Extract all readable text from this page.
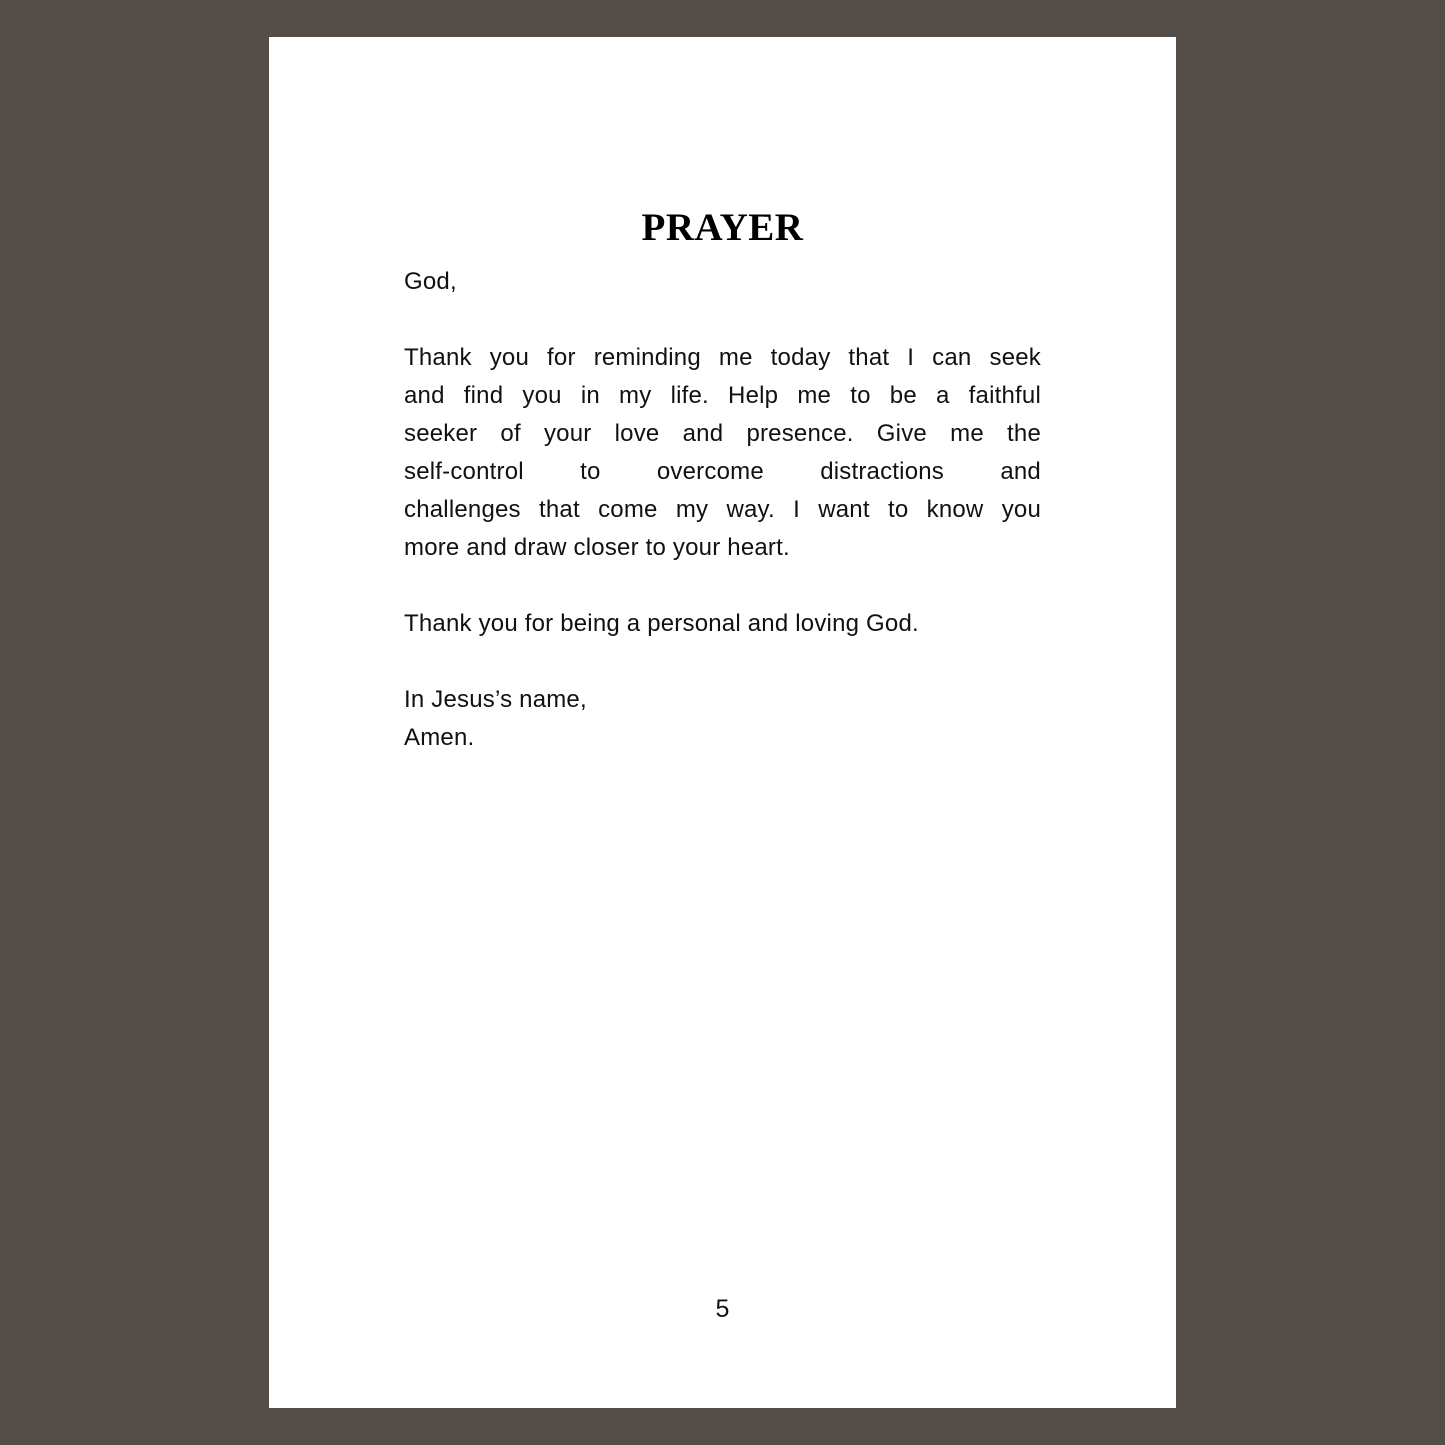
PRAYER

God,

Thank you for reminding me today that I can seek
and find you in my life. Help me to be a faithful
seeker of your love and presence. Give me the
self-control to overcome distractions and
challenges that come my way. I want to know you
more and draw closer to your heart.

Thank you for being a personal and loving God.

In Jesus’s name,
Amen.

5
